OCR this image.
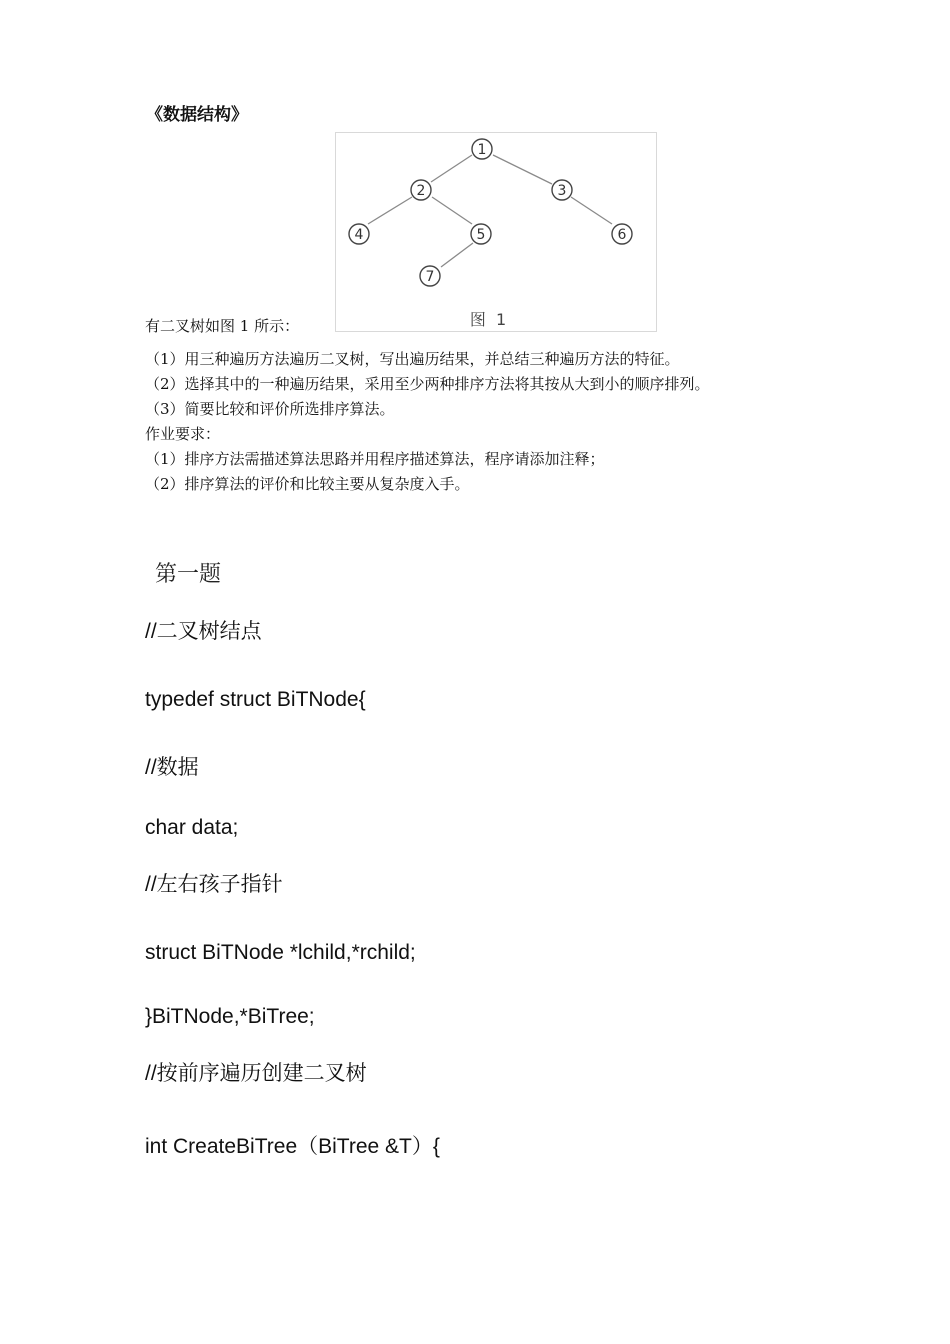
《数据结构》
有二叉树如图 1 所示：
1
2	3
4	5	6
7
图  1
（1）用三种遍历方法遍历二叉树，写出遍历结果，并总结三种遍历方法的特征。
（2）选择其中的一种遍历结果，采用至少两种排序方法将其按从大到小的顺序排列。
（3）简要比较和评价所选排序算法。
作业要求：
（1）排序方法需描述算法思路并用程序描述算法，程序请添加注释；
（2）排序算法的评价和比较主要从复杂度入手。
第一题
//二叉树结点
typedef struct BiTNode{
//数据
char data;
//左右孩子指针
struct BiTNode *lchild,*rchild;
}BiTNode,*BiTree;
//按前序遍历创建二叉树
int CreateBiTree（BiTree &T）{
